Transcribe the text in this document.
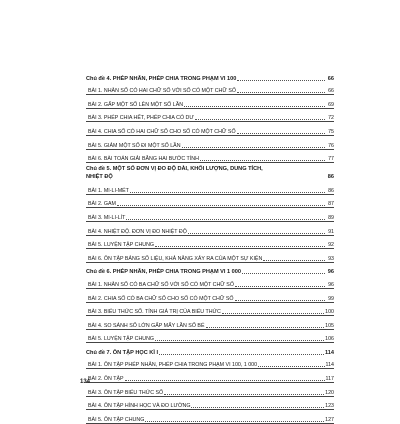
Chủ đề 4. PHÉP NHÂN, PHÉP CHIA TRONG PHẠM VI 100	66
BÀI 1. NHÂN SỐ CÓ HAI CHỮ SỐ VỚI SỐ CÓ MỘT CHỮ SỐ	66
BÀI 2. GẤP MỘT SỐ LÊN MỘT SỐ LẦN	69
BÀI 3. PHÉP CHIA HẾT, PHÉP CHIA CÓ DƯ	72
BÀI 4. CHIA SỐ CÓ HAI CHỮ SỐ CHO SỐ CÓ MỘT CHỮ SỐ	75
BÀI 5. GIẢM MỘT SỐ ĐI MỘT SỐ LẦN	76
BÀI 6. BÀI TOÁN GIẢI BẰNG HAI BƯỚC TÍNH	77
Chủ đề 5. MỘT SỐ ĐƠN VỊ ĐO ĐỘ DÀI, KHỐI LƯỢNG, DUNG TÍCH,
NHIỆT ĐỘ	86
BÀI 1. MI-LI-MÉT	86
BÀI 2. GAM	87
BÀI 3. MI-LI-LÍT	89
BÀI 4. NHIỆT ĐỘ. ĐƠN VỊ ĐO NHIỆT ĐỘ	91
BÀI 5. LUYỆN TẬP CHUNG	92
BÀI 6. ÔN TẬP BẢNG SỐ LIỆU, KHẢ NĂNG XẢY RA CỦA MỘT SỰ KIỆN	93
Chủ đề 6. PHÉP NHÂN, PHÉP CHIA TRONG PHẠM VI 1 000	96
BÀI 1. NHÂN SỐ CÓ BA CHỮ SỐ VỚI SỐ CÓ MỘT CHỮ SỐ	96
BÀI 2. CHIA SỐ CÓ BA CHỮ SỐ CHO SỐ CÓ MỘT CHỮ SỐ	99
BÀI 3. BIỂU THỨC SỐ. TÍNH GIÁ TRỊ CỦA BIỂU THỨC	100
BÀI 4. SO SÁNH SỐ LỚN GẤP MẤY LẦN SỐ BÉ	105
BÀI 5. LUYỆN TẬP CHUNG	106
Chủ đề 7. ÔN TẬP HỌC KÌ I	114
BÀI 1. ÔN TẬP PHÉP NHÂN, PHÉP CHIA TRONG PHẠM VI 100, 1 000	114
BÀI 2. ÔN TẬP	117
BÀI 3. ÔN TẬP BIỂU THỨC SỐ	120
BÀI 4. ÔN TẬP HÌNH HỌC VÀ ĐO LƯỜNG	123
BÀI 5. ÔN TẬP CHUNG	127
134
